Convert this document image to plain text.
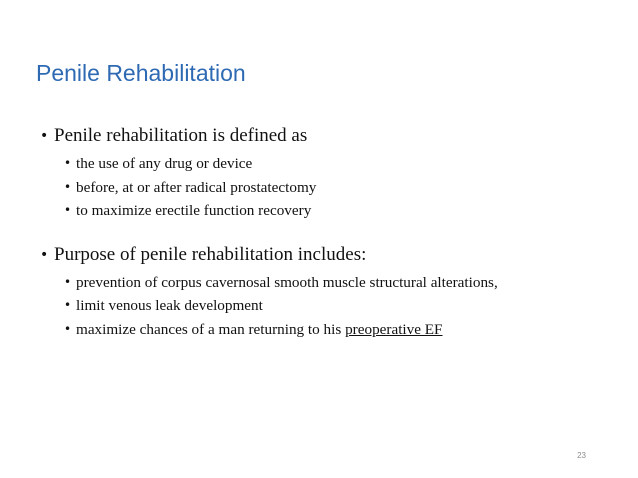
Penile Rehabilitation
• Penile rehabilitation is defined as
• the use of any drug or device
• before, at or after radical prostatectomy
• to maximize erectile function recovery
• Purpose of penile rehabilitation includes:
• prevention of corpus cavernosal smooth muscle structural alterations,
• limit venous leak development
• maximize chances of a man returning to his preoperative EF
23
